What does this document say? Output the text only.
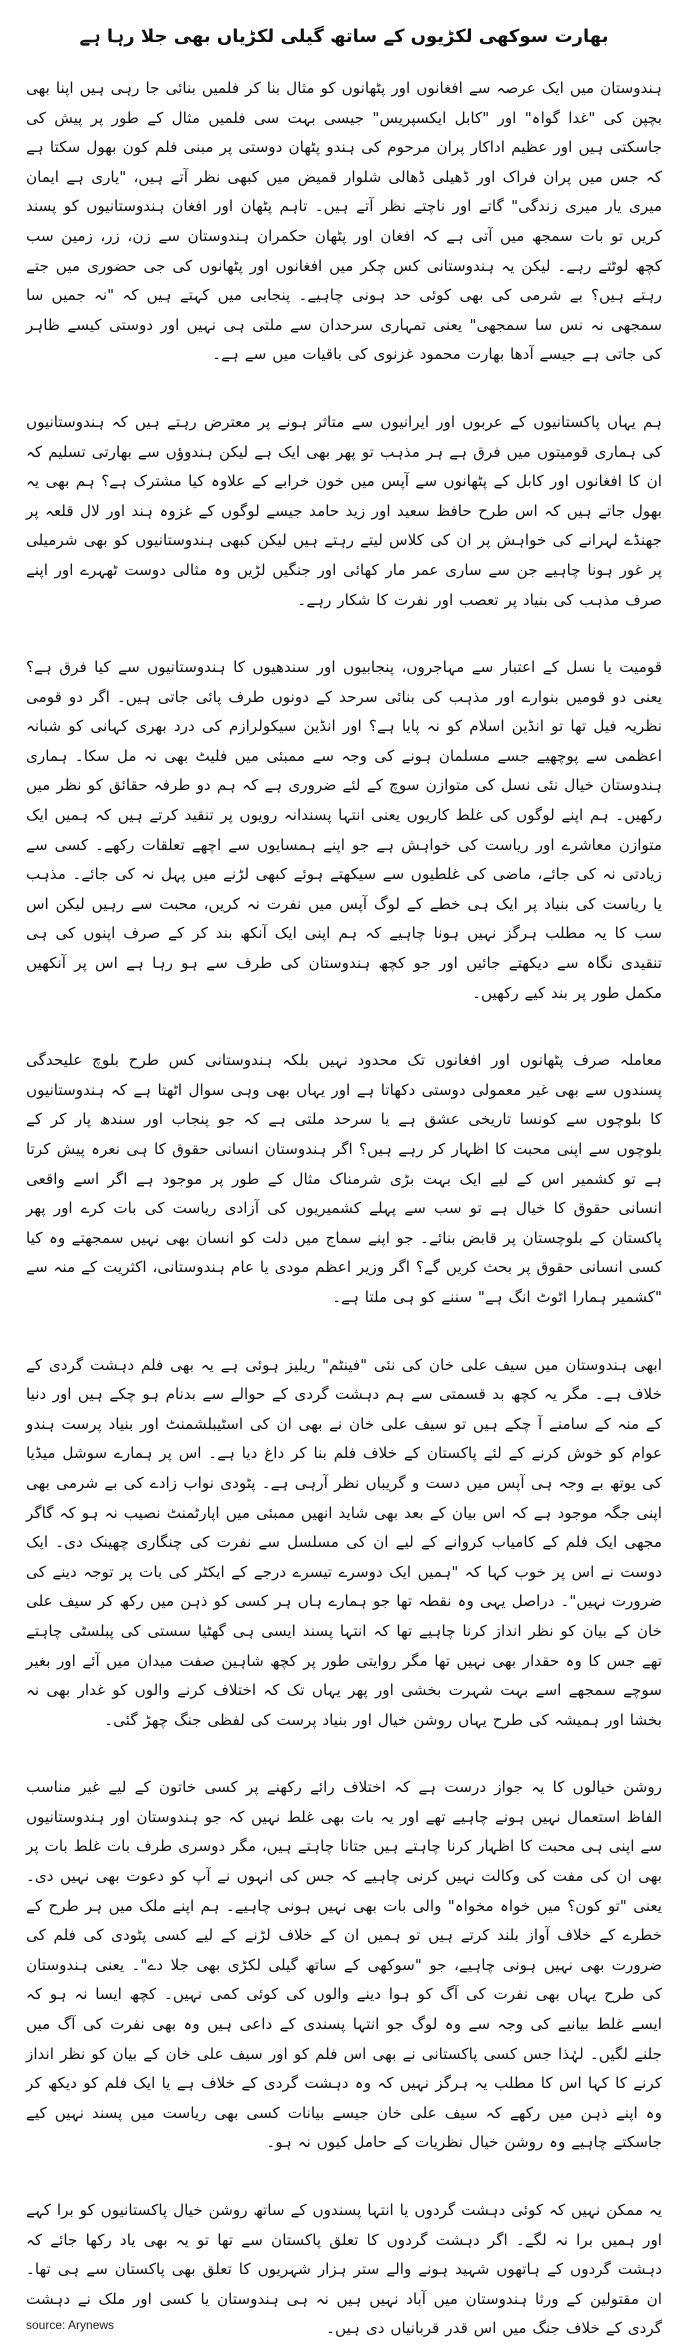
بھارت سوکھی لکڑیوں کے ساتھ گیلی لکڑیاں بھی جلا رہا ہے

ہندوستان میں ایک عرصہ سے افغانوں اور پٹھانوں کو مثال بنا کر فلمیں بنائی جا رہی ہیں اپنا بھی بچپن کی "غدا گواہ" اور "کابل ایکسپریس" جیسی بہت سی فلمیں مثال کے طور پر پیش کی جاسکتی ہیں اور عظیم اداکار پران مرحوم کی ہندو پٹھان دوستی پر مبنی فلم کون بھول سکتا ہے کہ جس میں پران فراک اور ڈھیلی ڈھالی شلوار قمیض میں کبھی نظر آتے ہیں، "یاری ہے ایمان میری یار میری زندگی" گاتے اور ناچتے نظر آتے ہیں۔ تاہم پٹھان اور افغان ہندوستانیوں کو پسند کریں تو بات سمجھ میں آتی ہے کہ افغان اور پٹھان حکمران ہندوستان سے زن، زر، زمین سب کچھ لوٹتے رہے۔ لیکن یہ ہندوستانی کس چکر میں افغانوں اور پٹھانوں کی جی حضوری میں جتے رہتے ہیں؟ بے شرمی کی بھی کوئی حد ہونی چاہیے۔ پنجابی میں کہتے ہیں کہ "نہ جمیں سا سمجھی نہ نس سا سمجھی" یعنی تمہاری سرحدان سے ملتی ہی نہیں اور دوستی کیسے ظاہر کی جاتی ہے جیسے آدھا بھارت محمود غزنوی کی باقیات میں سے ہے۔

ہم یہاں پاکستانیوں کے عربوں اور ایرانیوں سے متاثر ہونے پر معترض رہتے ہیں کہ ہندوستانیوں کی ہماری قومیتوں میں فرق ہے ہر مذہب تو پھر بھی ایک ہے لیکن ہندوؤں سے بھارتی تسلیم کہ ان کا افغانوں اور کابل کے پٹھانوں سے آپس میں خون خرابے کے علاوہ کیا مشترک ہے؟ ہم بھی یہ بھول جاتے ہیں کہ اس طرح حافظ سعید اور زید حامد جیسے لوگوں کے غزوہ ہند اور لال قلعہ پر جھنڈے لہرانے کی خواہش پر ان کی کلاس لیتے رہتے ہیں لیکن کبھی ہندوستانیوں کو بھی شرمیلی پر غور ہونا چاہیے جن سے ساری عمر مار کھائی اور جنگیں لڑیں وہ مثالی دوست ٹھہرے اور اپنے صرف مذہب کی بنیاد پر تعصب اور نفرت کا شکار رہے۔

قومیت یا نسل کے اعتبار سے مہاجروں، پنجابیوں اور سندھیوں کا ہندوستانیوں سے کیا فرق ہے؟ یعنی دو قومیں بنوارے اور مذہب کی بنائی سرحد کے دونوں طرف پائی جاتی ہیں۔ اگر دو قومی نظریہ فیل تھا تو انڈین اسلام کو نہ پایا ہے؟ اور انڈین سیکولرازم کی درد بھری کہانی کو شبانہ اعظمی سے پوچھیے جسے مسلمان ہونے کی وجہ سے ممبئی میں فلیٹ بھی نہ مل سکا۔ ہماری ہندوستان خیال نئی نسل کی متوازن سوچ کے لئے ضروری ہے کہ ہم دو طرفہ حقائق کو نظر میں رکھیں۔ ہم اپنے لوگوں کی غلط کاریوں یعنی انتہا پسندانہ رویوں پر تنقید کرتے ہیں کہ ہمیں ایک متوازن معاشرے اور ریاست کی خواہش ہے جو اپنے ہمسایوں سے اچھے تعلقات رکھے۔ کسی سے زیادتی نہ کی جائے، ماضی کی غلطیوں سے سیکھتے ہوئے کبھی لڑنے میں پہل نہ کی جائے۔ مذہب یا ریاست کی بنیاد پر ایک ہی خطے کے لوگ آپس میں نفرت نہ کریں، محبت سے رہیں لیکن اس سب کا یہ مطلب ہرگز نہیں ہونا چاہیے کہ ہم اپنی ایک آنکھ بند کر کے صرف اپنوں کی ہی تنقیدی نگاہ سے دیکھتے جائیں اور جو کچھ ہندوستان کی طرف سے ہو رہا ہے اس پر آنکھیں مکمل طور پر بند کیے رکھیں۔

معاملہ صرف پٹھانوں اور افغانوں تک محدود نہیں بلکہ ہندوستانی کس طرح بلوچ علیحدگی پسندوں سے بھی غیر معمولی دوستی دکھاتا ہے اور یہاں بھی وہی سوال اٹھتا ہے کہ ہندوستانیوں کا بلوچوں سے کونسا تاریخی عشق ہے یا سرحد ملتی ہے کہ جو پنجاب اور سندھ پار کر کے بلوچوں سے اپنی محبت کا اظہار کر رہے ہیں؟ اگر ہندوستان انسانی حقوق کا ہی نعرہ پیش کرتا ہے تو کشمیر اس کے لیے ایک بہت بڑی شرمناک مثال کے طور پر موجود ہے اگر اسے واقعی انسانی حقوق کا خیال ہے تو سب سے پہلے کشمیریوں کی آزادی ریاست کی بات کرے اور پھر پاکستان کے بلوچستان پر قابض بنائے۔ جو اپنے سماج میں دلت کو انسان بھی نہیں سمجھتے وہ کیا کسی انسانی حقوق پر بحث کریں گے؟ اگر وزیر اعظم مودی یا عام ہندوستانی، اکثریت کے منہ سے "کشمیر ہمارا اٹوٹ انگ ہے" سننے کو ہی ملتا ہے۔

ابھی ہندوستان میں سیف علی خان کی نئی "فینٹم" ریلیز ہوئی ہے یہ بھی فلم دہشت گردی کے خلاف ہے۔ مگر یہ کچھ بد قسمتی سے ہم دہشت گردی کے حوالے سے بدنام ہو چکے ہیں اور دنیا کے منہ کے سامنے آ چکے ہیں تو سیف علی خان نے بھی ان کی اسٹیبلشمنٹ اور بنیاد پرست ہندو عوام کو خوش کرنے کے لئے پاکستان کے خلاف فلم بنا کر داغ دیا ہے۔ اس پر ہمارے سوشل میڈیا کی یوتھ بے وجہ ہی آپس میں دست و گریباں نظر آرہی ہے۔ پٹودی نواب زادے کی بے شرمی بھی اپنی جگہ موجود ہے کہ اس بیان کے بعد بھی شاید انھیں ممبئی میں اپارٹمنٹ نصیب نہ ہو کہ گاگر مجھی ایک فلم کے کامیاب کروانے کے لیے ان کی مسلسل سے نفرت کی چنگاری چھینک دی۔ ایک دوست نے اس پر خوب کہا کہ "ہمیں ایک دوسرے تیسرے درجے کے ایکٹر کی بات پر توجہ دینے کی ضرورت نہیں"۔ دراصل یہی وہ نقطہ تھا جو ہمارے ہاں ہر کسی کو ذہن میں رکھ کر سیف علی خان کے بیان کو نظر انداز کرنا چاہیے تھا کہ انتہا پسند ایسی ہی گھٹیا سستی کی پبلسٹی چاہتے تھے جس کا وہ حقدار بھی نہیں تھا مگر روایتی طور پر کچھ شاہین صفت میدان میں آئے اور بغیر سوچے سمجھے اسے بہت شہرت بخشی اور پھر یہاں تک کہ اختلاف کرنے والوں کو غدار بھی نہ بخشا اور ہمیشہ کی طرح یہاں روشن خیال اور بنیاد پرست کی لفظی جنگ چھڑ گئی۔

روشن خیالوں کا یہ جواز درست ہے کہ اختلاف رائے رکھنے پر کسی خاتون کے لیے غیر مناسب الفاظ استعمال نہیں ہونے چاہیے تھے اور یہ بات بھی غلط نہیں کہ جو ہندوستان اور ہندوستانیوں سے اپنی ہی محبت کا اظہار کرنا چاہتے ہیں جتانا چاہتے ہیں، مگر دوسری طرف بات غلط بات پر بھی ان کی مفت کی وکالت نہیں کرنی چاہیے کہ جس کی انہوں نے آپ کو دعوت بھی نہیں دی۔ یعنی "تو کون؟ میں خواہ مخواہ" والی بات بھی نہیں ہونی چاہیے۔ ہم اپنے ملک میں ہر طرح کے خطرے کے خلاف آواز بلند کرتے ہیں تو ہمیں ان کے خلاف لڑنے کے لیے کسی پٹودی کی فلم کی ضرورت بھی نہیں ہونی چاہیے، جو "سوکھی کے ساتھ گیلی لکڑی بھی جلا دے"۔ یعنی ہندوستان کی طرح یہاں بھی نفرت کی آگ کو ہوا دینے والوں کی کوئی کمی نہیں۔ کچھ ایسا نہ ہو کہ ایسے غلط بیانیے کی وجہ سے وہ لوگ جو انتہا پسندی کے داعی ہیں وہ بھی نفرت کی آگ میں جلنے لگیں۔ لہٰذا جس کسی پاکستانی نے بھی اس فلم کو اور سیف علی خان کے بیان کو نظر انداز کرنے کا کہا اس کا مطلب یہ ہرگز نہیں کہ وہ دہشت گردی کے خلاف ہے یا ایک فلم کو دیکھ کر وہ اپنے ذہن میں رکھے کہ سیف علی خان جیسے بیانات کسی بھی ریاست میں پسند نہیں کیے جاسکتے چاہیے وہ روشن خیال نظریات کے حامل کیوں نہ ہو۔

یہ ممکن نہیں کہ کوئی دہشت گردوں یا انتہا پسندوں کے ساتھ روشن خیال پاکستانیوں کو برا کہے اور ہمیں برا نہ لگے۔ اگر دہشت گردوں کا تعلق پاکستان سے تھا تو یہ بھی یاد رکھا جائے کہ دہشت گردوں کے ہاتھوں شہید ہونے والے ستر ہزار شہریوں کا تعلق بھی پاکستان سے ہی تھا۔ ان مقتولین کے ورثا ہندوستان میں آباد نہیں ہیں نہ ہی ہندوستان یا کسی اور ملک نے دہشت گردی کے خلاف جنگ میں اس قدر قربانیاں دی ہیں۔

source: Arynews
